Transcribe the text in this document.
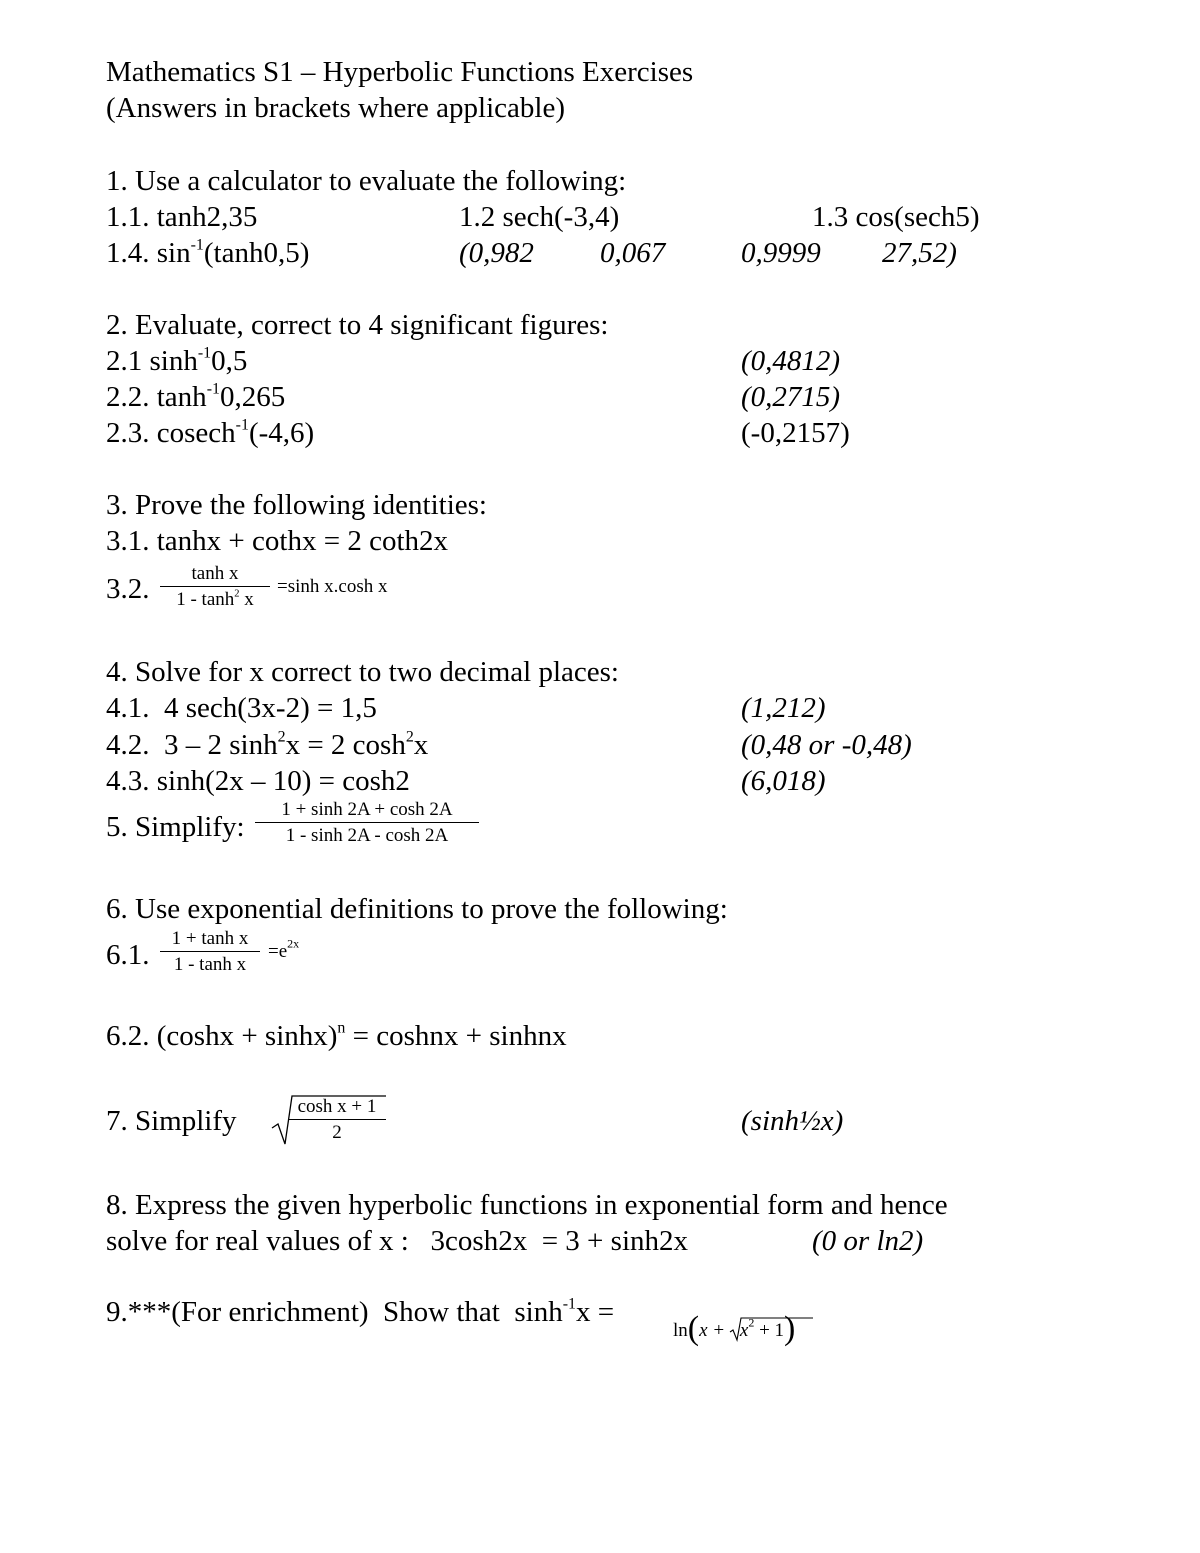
Mathematics S1 – Hyperbolic Functions Exercises
(Answers in brackets where applicable)
1. Use a calculator to evaluate the following:
1.1. tanh2,35	1.2 sech(-3,4)	1.3 cos(sech5)
1.4. $\sin^{-1}(\tanh 0,5)$	(0,982 0,067	0,9999 27,52)
2. Evaluate, correct to 4 significant figures:
2.1 $\sinh^{-1}0,5$	(0,4812)
2.2. $\tanh^{-1}0,265$	(0,2715)
2.3. cosech$^{-1}$(-4,6)	(-0,2157)
3. Prove the following identities:
3.1. tanhx + cothx = 2 coth2x
3.2. $\frac{\text{tanh x}}{1 - \tanh^2 x} =\sinh$ x.cosh x
4. Solve for x correct to two decimal places:
4.1.  4 sech(3x-2) = 1,5	(1,212)
4.2.  3 – 2 $\sinh^2x = 2$ $\cosh^2x$	(0,48 or -0,48)
4.3. sinh(2x – 10) = cosh2	(6,018)
5. Simplify: $\frac{1 + \sinh 2A + \cosh 2A}{1 - \sinh 2A - \cosh 2A}$
6. Use exponential definitions to prove the following:
6.1. $\frac{\text{1 + tanh x}}{\text{1 - tanh x}} =e^{2x}$
6.2. $(\cosh x + \sinh x)^n$ = coshnx + sinhnx
7. Simplify	$\frac{\text{cosh x + 1}}{2}$	(sinh½x)
8. Express the given hyperbolic functions in exponential form and hence
solve for real values of x :   3cosh2x  = 3 + sinh2x	(0 or ln2)
9.***(For enrichment)  Show that  $\sinh^{-1}x$ =

ln(x +
$x^2 + 1$)
